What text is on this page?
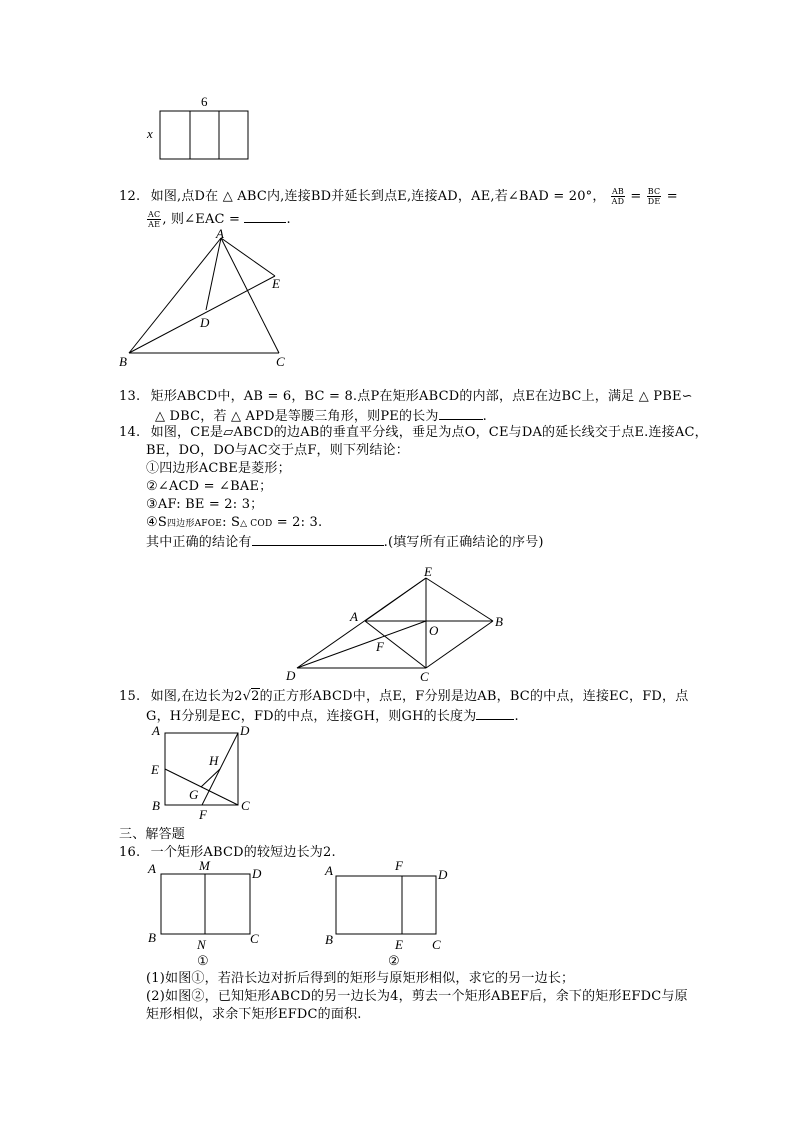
6
x
12. 如图,点D在 △ ABC内,连接BD并延长到点E,连接AD，AE,若∠BAD = 20°， $\frac{AB}{AD} = \frac{BC}{DE}$ =
$\frac{AC}{AE}$ , 则∠EAC =	.
A
B	C
D
E
13. 矩形ABCD中，AB = 6，BC = 8.点P在矩形ABCD的内部，点E在边BC上，满足 △ PBE∽
△ DBC，若 △ APD是等腰三角形，则PE的长为	.
14. 如图，CE是▱ABCD的边AB的垂直平分线，垂足为点O，CE与DA的延长线交于点E.连接AC，
BE，DO，DO与AC交于点F，则下列结论：
①四边形ACBE是菱形；
②∠ACD = ∠BAE；
③AF: BE = 2: 3；
④S四边形AFOE: S△ COD = 2: 3.
其中正确的结论有	.(填写所有正确结论的序号)
E
A
O
B
F
D	C
15. 如图,在边长为2√2的正方形ABCD中，点E，F分别是边AB，BC的中点，连接EC，FD，点
G，H分别是EC，FD的中点，连接GH，则GH的长度为	.
A	D
E
H
G
B	C
F
三、解答题
16. 一个矩形ABCD的较短边长为2.
A	M
D
B	N	C
①
A	F
D
B	E C
②
(1)如图①，若沿长边对折后得到的矩形与原矩形相似，求它的另一边长；
(2)如图②，已知矩形ABCD的另一边长为4，剪去一个矩形ABEF后，余下的矩形EFDC与原
矩形相似，求余下矩形EFDC的面积.
